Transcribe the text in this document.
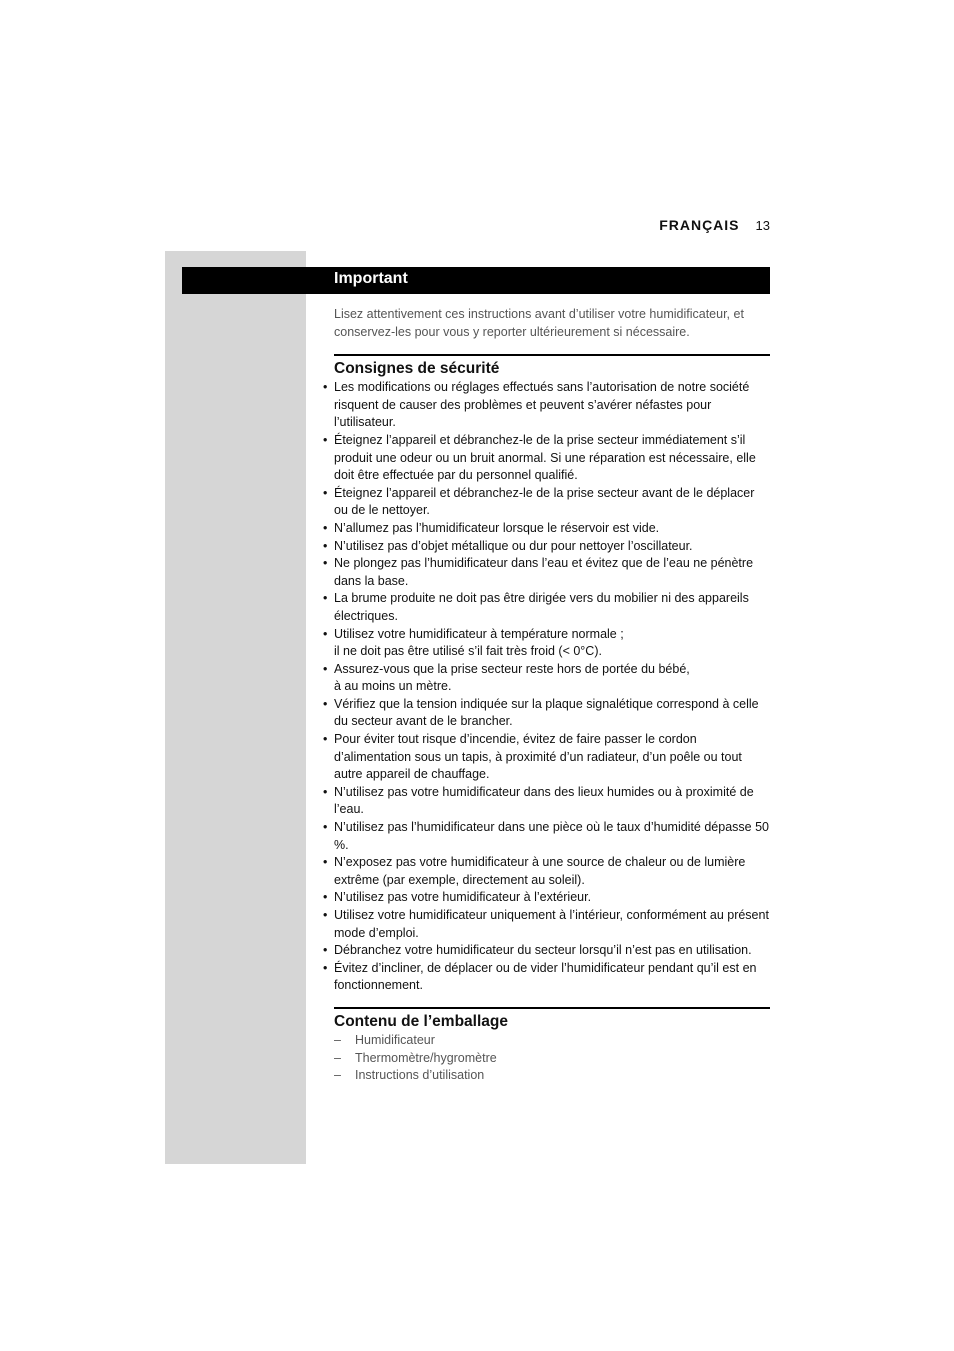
FRANÇAIS 13
Important

Lisez attentivement ces instructions avant d’utiliser votre humidificateur, et conservez-les pour vous y reporter ultérieurement si nécessaire.

Consignes de sécurité
• Les modifications ou réglages effectués sans l’autorisation de notre société risquent de causer des problèmes et peuvent s’avérer néfastes pour l’utilisateur.
• Éteignez l’appareil et débranchez-le de la prise secteur immédiatement s’il produit une odeur ou un bruit anormal. Si une réparation est nécessaire, elle doit être effectuée par du personnel qualifié.
• Éteignez l’appareil et débranchez-le de la prise secteur avant de le déplacer ou de le nettoyer.
• N’allumez pas l’humidificateur lorsque le réservoir est vide.
• N’utilisez pas d’objet métallique ou dur pour nettoyer l’oscillateur.
• Ne plongez pas l’humidificateur dans l’eau et évitez que de l’eau ne pénètre dans la base.
• La brume produite ne doit pas être dirigée vers du mobilier ni des appareils électriques.
• Utilisez votre humidificateur à température normale ;
il ne doit pas être utilisé s’il fait très froid (< 0°C).
• Assurez-vous que la prise secteur reste hors de portée du bébé,
à au moins un mètre.
• Vérifiez que la tension indiquée sur la plaque signalétique correspond à celle du secteur avant de le brancher.
• Pour éviter tout risque d’incendie, évitez de faire passer le cordon d’alimentation sous un tapis, à proximité d’un radiateur, d’un poêle ou tout autre appareil de chauffage.
• N’utilisez pas votre humidificateur dans des lieux humides ou à proximité de l’eau.
• N’utilisez pas l’humidificateur dans une pièce où le taux d’humidité dépasse 50 %.
• N’exposez pas votre humidificateur à une source de chaleur ou de lumière extrême (par exemple, directement au soleil).
• N’utilisez pas votre humidificateur à l’extérieur.
• Utilisez votre humidificateur uniquement à l’intérieur, conformément au présent mode d’emploi.
• Débranchez votre humidificateur du secteur lorsqu’il n’est pas en utilisation.
• Évitez d’incliner, de déplacer ou de vider l’humidificateur pendant qu’il est en fonctionnement.
Contenu de l’emballage
– Humidificateur
– Thermomètre/hygromètre
– Instructions d’utilisation
